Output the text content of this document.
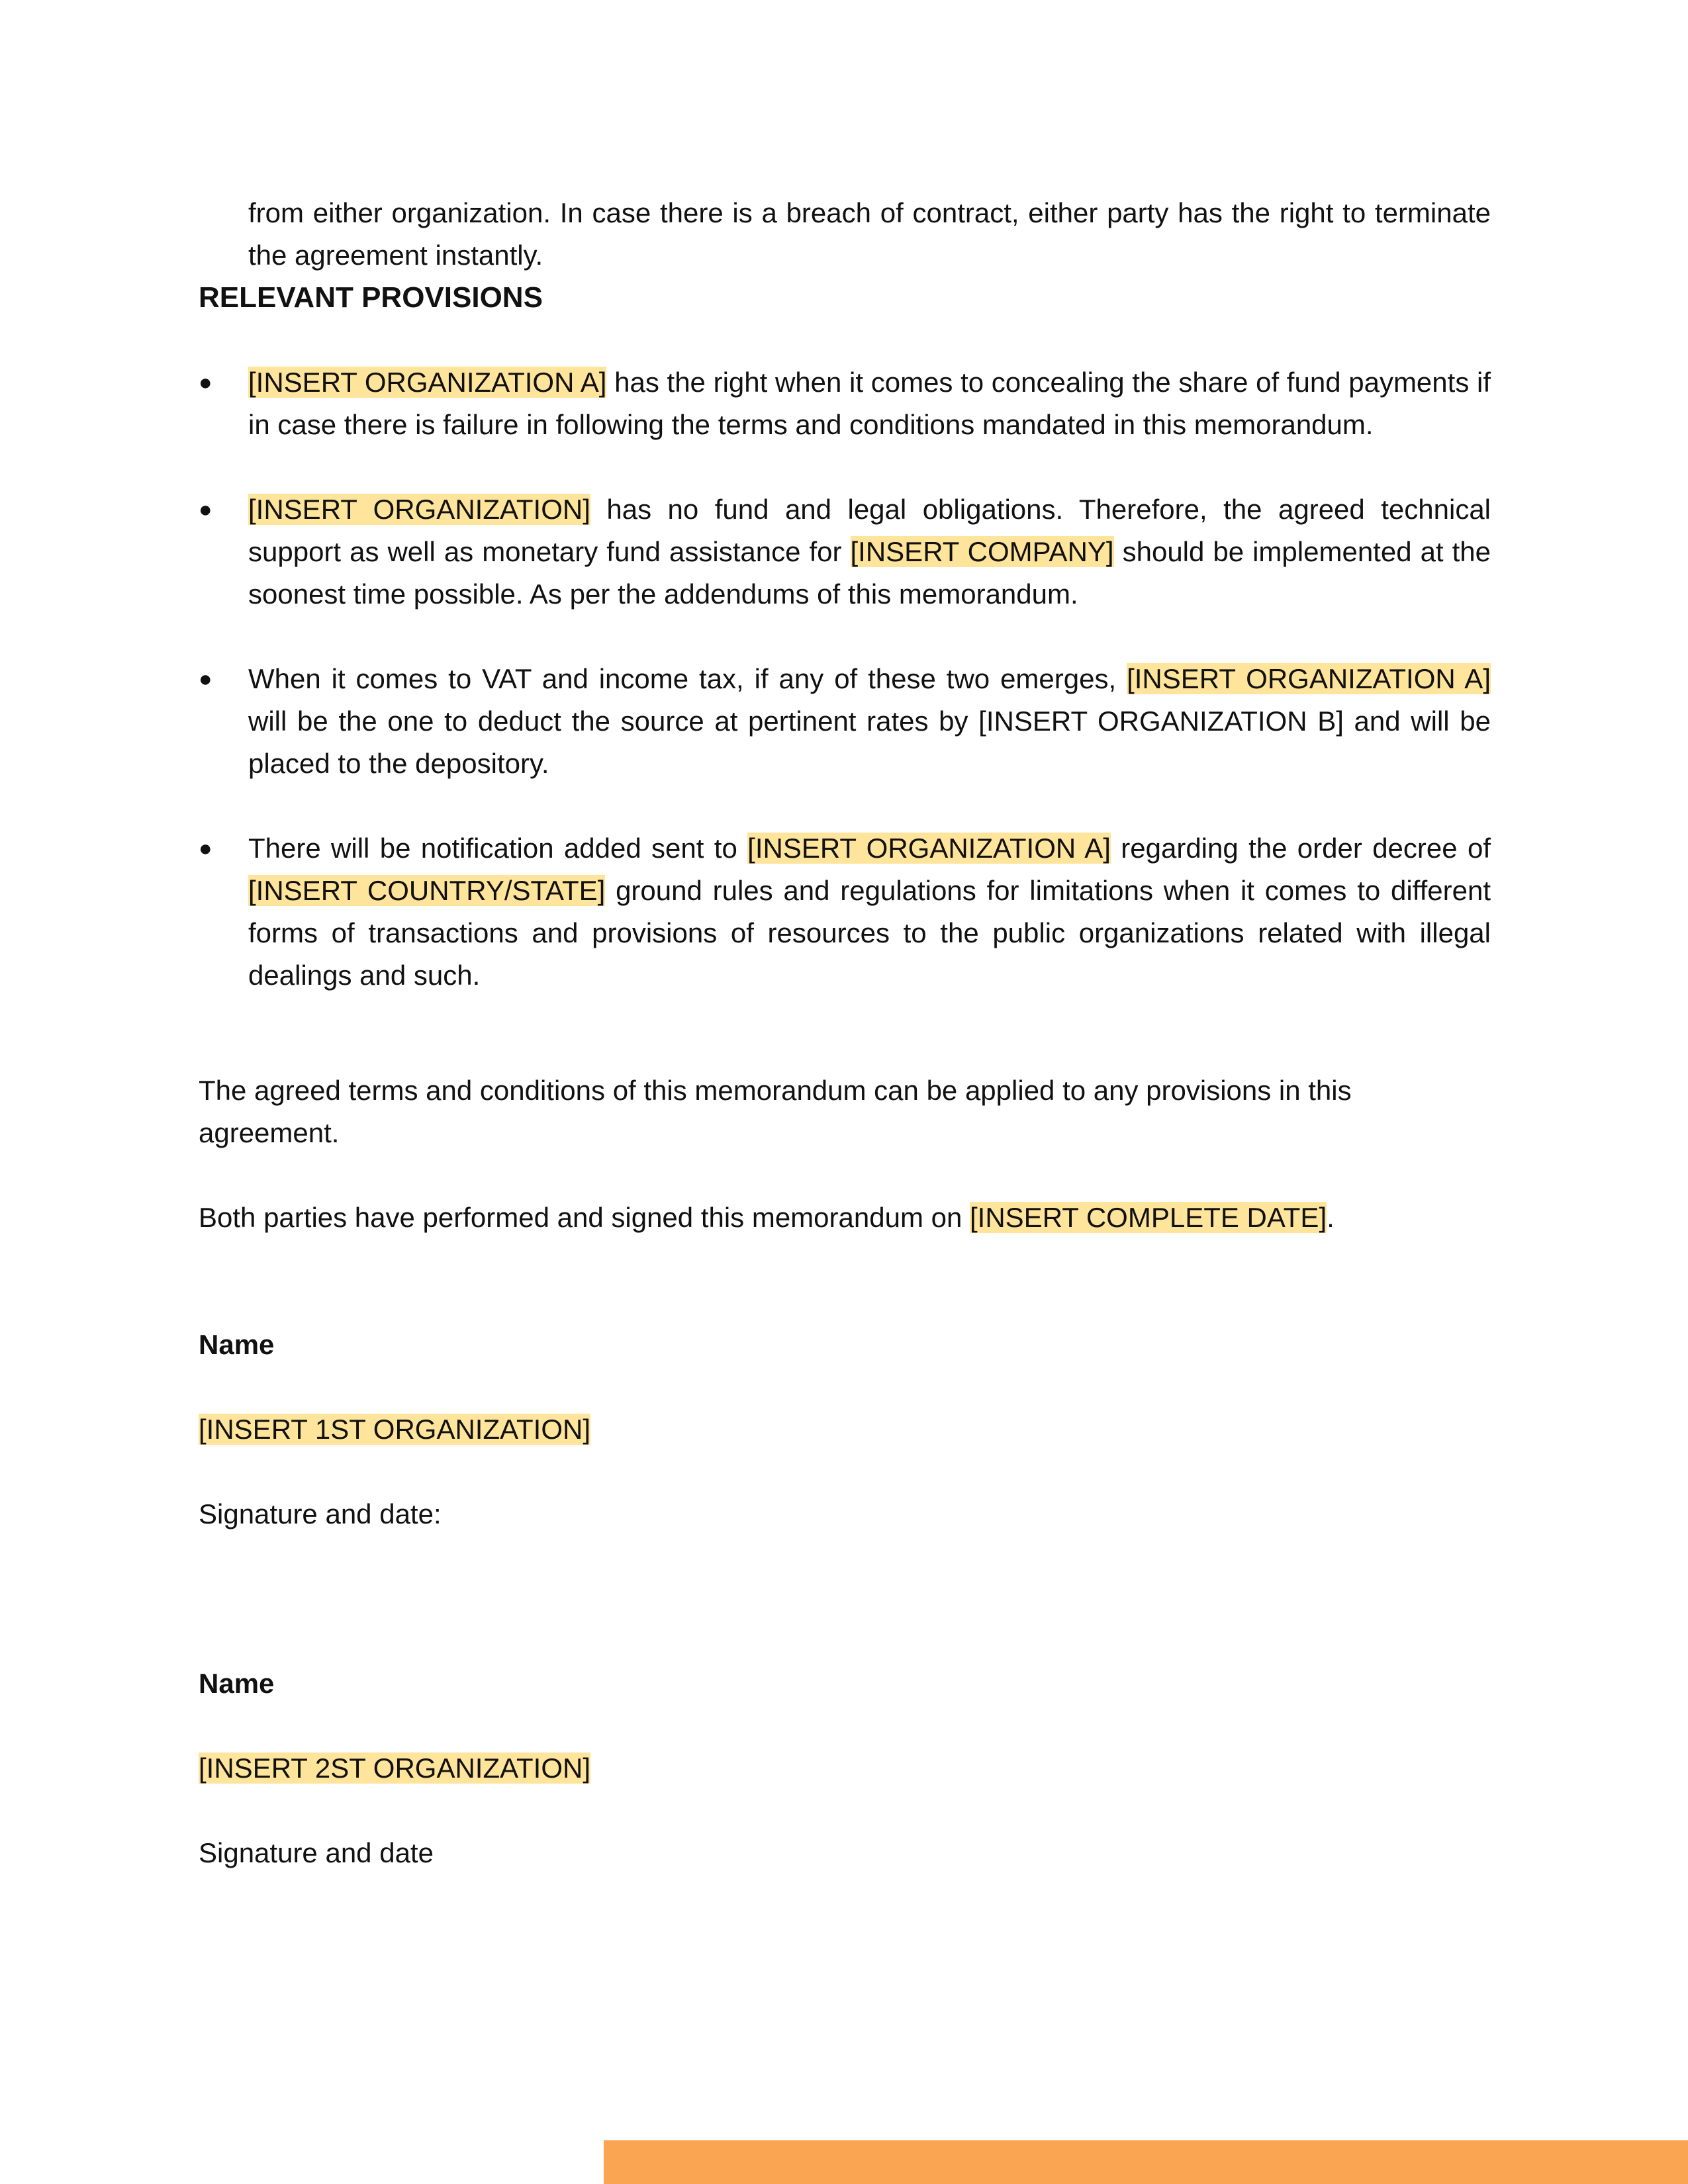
from either organization. In case there is a breach of contract, either party has the right to terminate the agreement instantly.

RELEVANT PROVISIONS

●	[INSERT ORGANIZATION A] has the right when it comes to concealing the share of fund payments if in case there is failure in following the terms and conditions mandated in this memorandum.
●	[INSERT ORGANIZATION] has no fund and legal obligations. Therefore, the agreed technical support as well as monetary fund assistance for [INSERT COMPANY] should be implemented at the soonest time possible. As per the addendums of this memorandum.
●	When it comes to VAT and income tax, if any of these two emerges, [INSERT ORGANIZATION A] will be the one to deduct the source at pertinent rates by [INSERT ORGANIZATION B] and will be placed to the depository.
●	There will be notification added sent to [INSERT ORGANIZATION A] regarding the order decree of [INSERT COUNTRY/STATE] ground rules and regulations for limitations when it comes to different forms of transactions and provisions of resources to the public organizations related with illegal dealings and such.

The agreed terms and conditions of this memorandum can be applied to any provisions in this agreement.

Both parties have performed and signed this memorandum on [INSERT COMPLETE DATE].

Name

[INSERT 1ST ORGANIZATION]

Signature and date:

Name

[INSERT 2ST ORGANIZATION]

Signature and date
